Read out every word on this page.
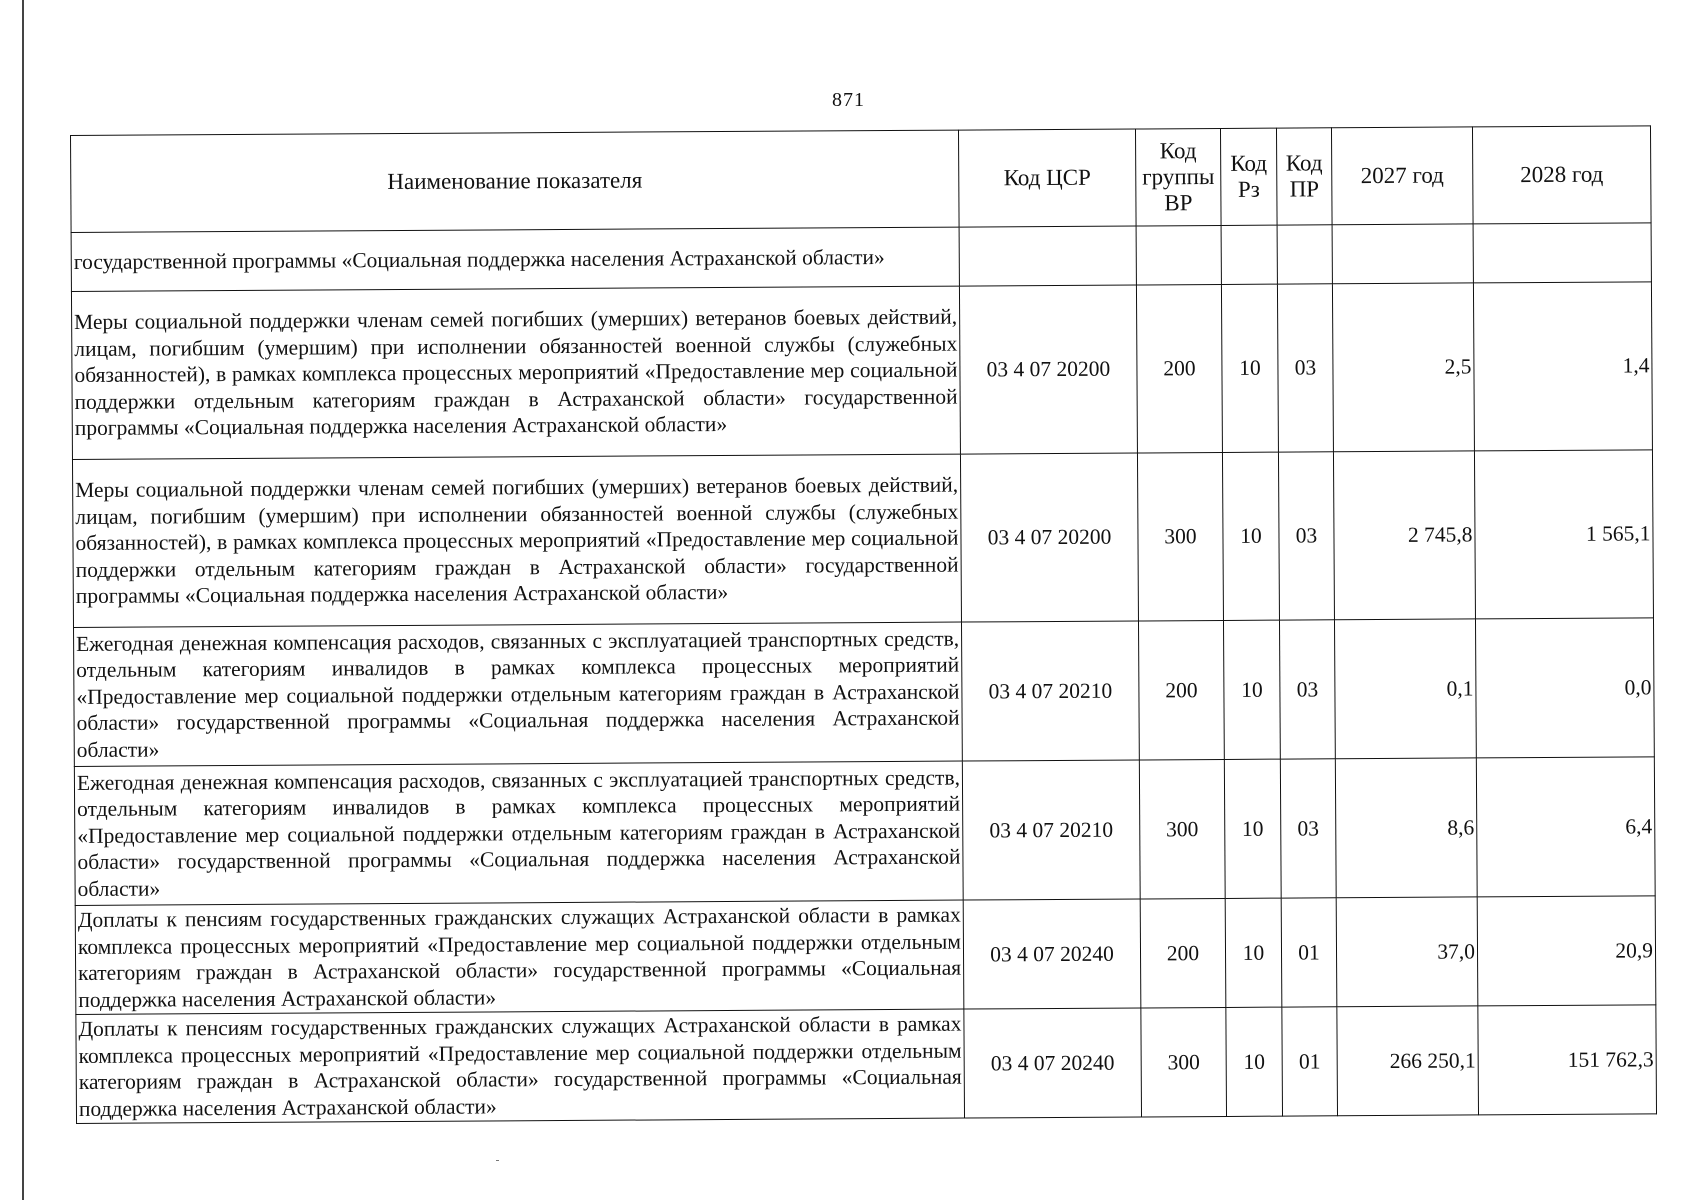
871
Наименование показателя	Код ЦСР	Код группы ВР	Код Рз	Код ПР	2027 год	2028 год
государственной программы «Социальная поддержка населения Астраханской области»						
Меры социальной поддержки членам семей погибших (умерших) ветеранов боевых действий, лицам, погибшим (умершим) при исполнении обязанностей военной службы (служебных обязанностей), в рамках комплекса процессных мероприятий «Предоставление мер социальной поддержки отдельным категориям граждан в Астраханской области» государственной программы «Социальная поддержка населения Астраханской области»	03 4 07 20200	200	10	03	2,5	1,4
Меры социальной поддержки членам семей погибших (умерших) ветеранов боевых действий, лицам, погибшим (умершим) при исполнении обязанностей военной службы (служебных обязанностей), в рамках комплекса процессных мероприятий «Предоставление мер социальной поддержки отдельным категориям граждан в Астраханской области» государственной программы «Социальная поддержка населения Астраханской области»	03 4 07 20200	300	10	03	2 745,8	1 565,1
Ежегодная денежная компенсация расходов, связанных с эксплуатацией транспортных средств, отдельным категориям инвалидов в рамках комплекса процессных мероприятий «Предоставление мер социальной поддержки отдельным категориям граждан в Астраханской области» государственной программы «Социальная поддержка населения Астраханской области»	03 4 07 20210	200	10	03	0,1	0,0
Ежегодная денежная компенсация расходов, связанных с эксплуатацией транспортных средств, отдельным категориям инвалидов в рамках комплекса процессных мероприятий «Предоставление мер социальной поддержки отдельным категориям граждан в Астраханской области» государственной программы «Социальная поддержка населения Астраханской области»	03 4 07 20210	300	10	03	8,6	6,4
Доплаты к пенсиям государственных гражданских служащих Астраханской области в рамках комплекса процессных мероприятий «Предоставление мер социальной поддержки отдельным категориям граждан в Астраханской области» государственной программы «Социальная поддержка населения Астраханской области»	03 4 07 20240	200	10	01	37,0	20,9
Доплаты к пенсиям государственных гражданских служащих Астраханской области в рамках комплекса процессных мероприятий «Предоставление мер социальной поддержки отдельным категориям граждан в Астраханской области» государственной программы «Социальная поддержка населения Астраханской области»	03 4 07 20240	300	10	01	266 250,1	151 762,3
